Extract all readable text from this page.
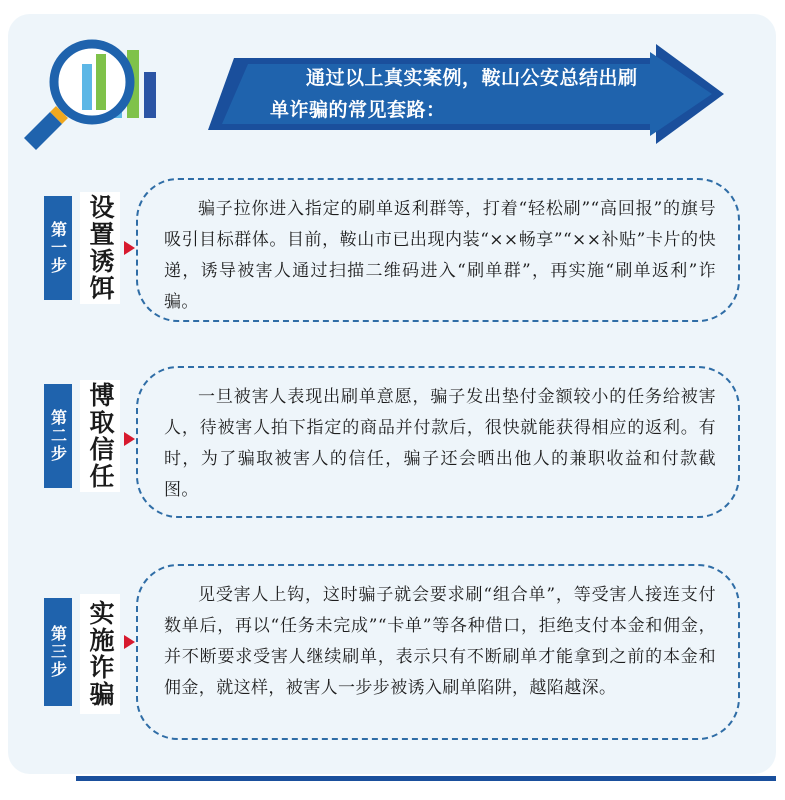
通过以上真实案例，鞍山公安总结出刷
单诈骗的常见套路：
第一步 设置诱饵	骗子拉你进入指定的刷单返利群等，打着“轻松刷”“高回报”的旗号吸引目标群体。目前，鞍山市已出现内装“××畅享”“××补贴”卡片的快递，诱导被害人通过扫描二维码进入“刷单群”，再实施“刷单返利”诈骗。
第二步 博取信任	一旦被害人表现出刷单意愿，骗子发出垫付金额较小的任务给被害人，待被害人拍下指定的商品并付款后，很快就能获得相应的返利。有时，为了骗取被害人的信任，骗子还会晒出他人的兼职收益和付款截图。
第三步 实施诈骗
见受害人上钩，这时骗子就会要求刷“组合单”，等受害人接连支付数单后，再以“任务未完成”“卡单”等各种借口，拒绝支付本金和佣金，并不断要求受害人继续刷单，表示只有不断刷单才能拿到之前的本金和佣金，就这样，被害人一步步被诱入刷单陷阱，越陷越深。
